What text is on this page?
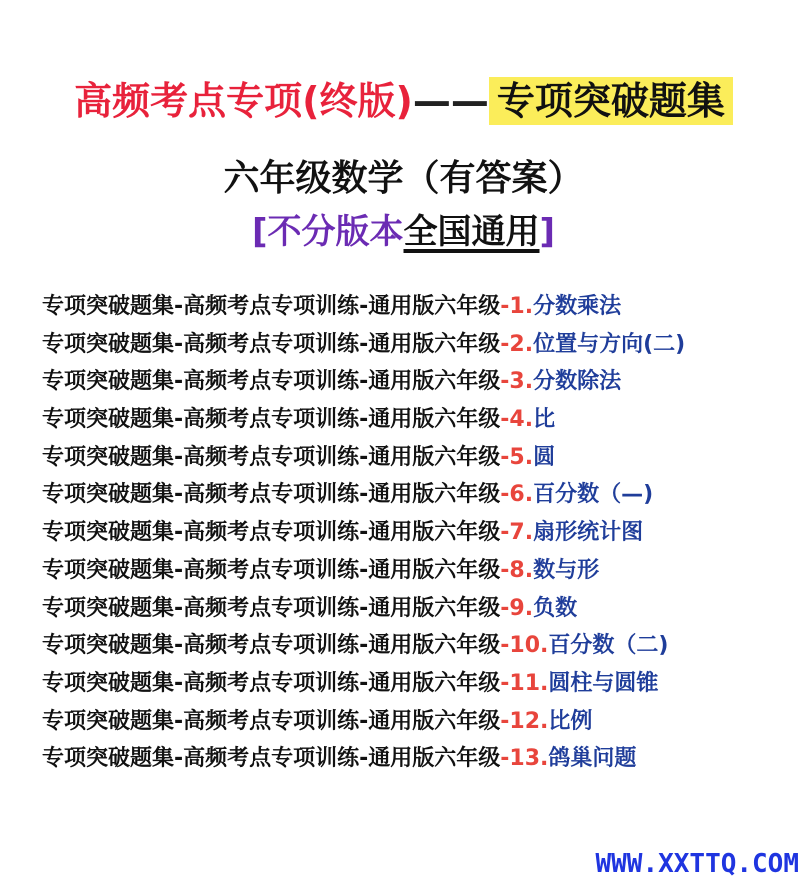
高频考点专项(终版)—— 专项突破题集
六年级数学（有答案）
[不分版本全国通用]
专项突破题集-高频考点专项训练-通用版六年级-1.分数乘法
专项突破题集-高频考点专项训练-通用版六年级-2.位置与方向(二)
专项突破题集-高频考点专项训练-通用版六年级-3.分数除法
专项突破题集-高频考点专项训练-通用版六年级-4.比
专项突破题集-高频考点专项训练-通用版六年级-5.圆
专项突破题集-高频考点专项训练-通用版六年级-6.百分数（—)
专项突破题集-高频考点专项训练-通用版六年级-7.扇形统计图
专项突破题集-高频考点专项训练-通用版六年级-8.数与形
专项突破题集-高频考点专项训练-通用版六年级-9.负数
专项突破题集-高频考点专项训练-通用版六年级-10.百分数（二)
专项突破题集-高频考点专项训练-通用版六年级-11.圆柱与圆锥
专项突破题集-高频考点专项训练-通用版六年级-12.比例
专项突破题集-高频考点专项训练-通用版六年级-13.鸽巢问题
WWW.XXTTQ.COM
